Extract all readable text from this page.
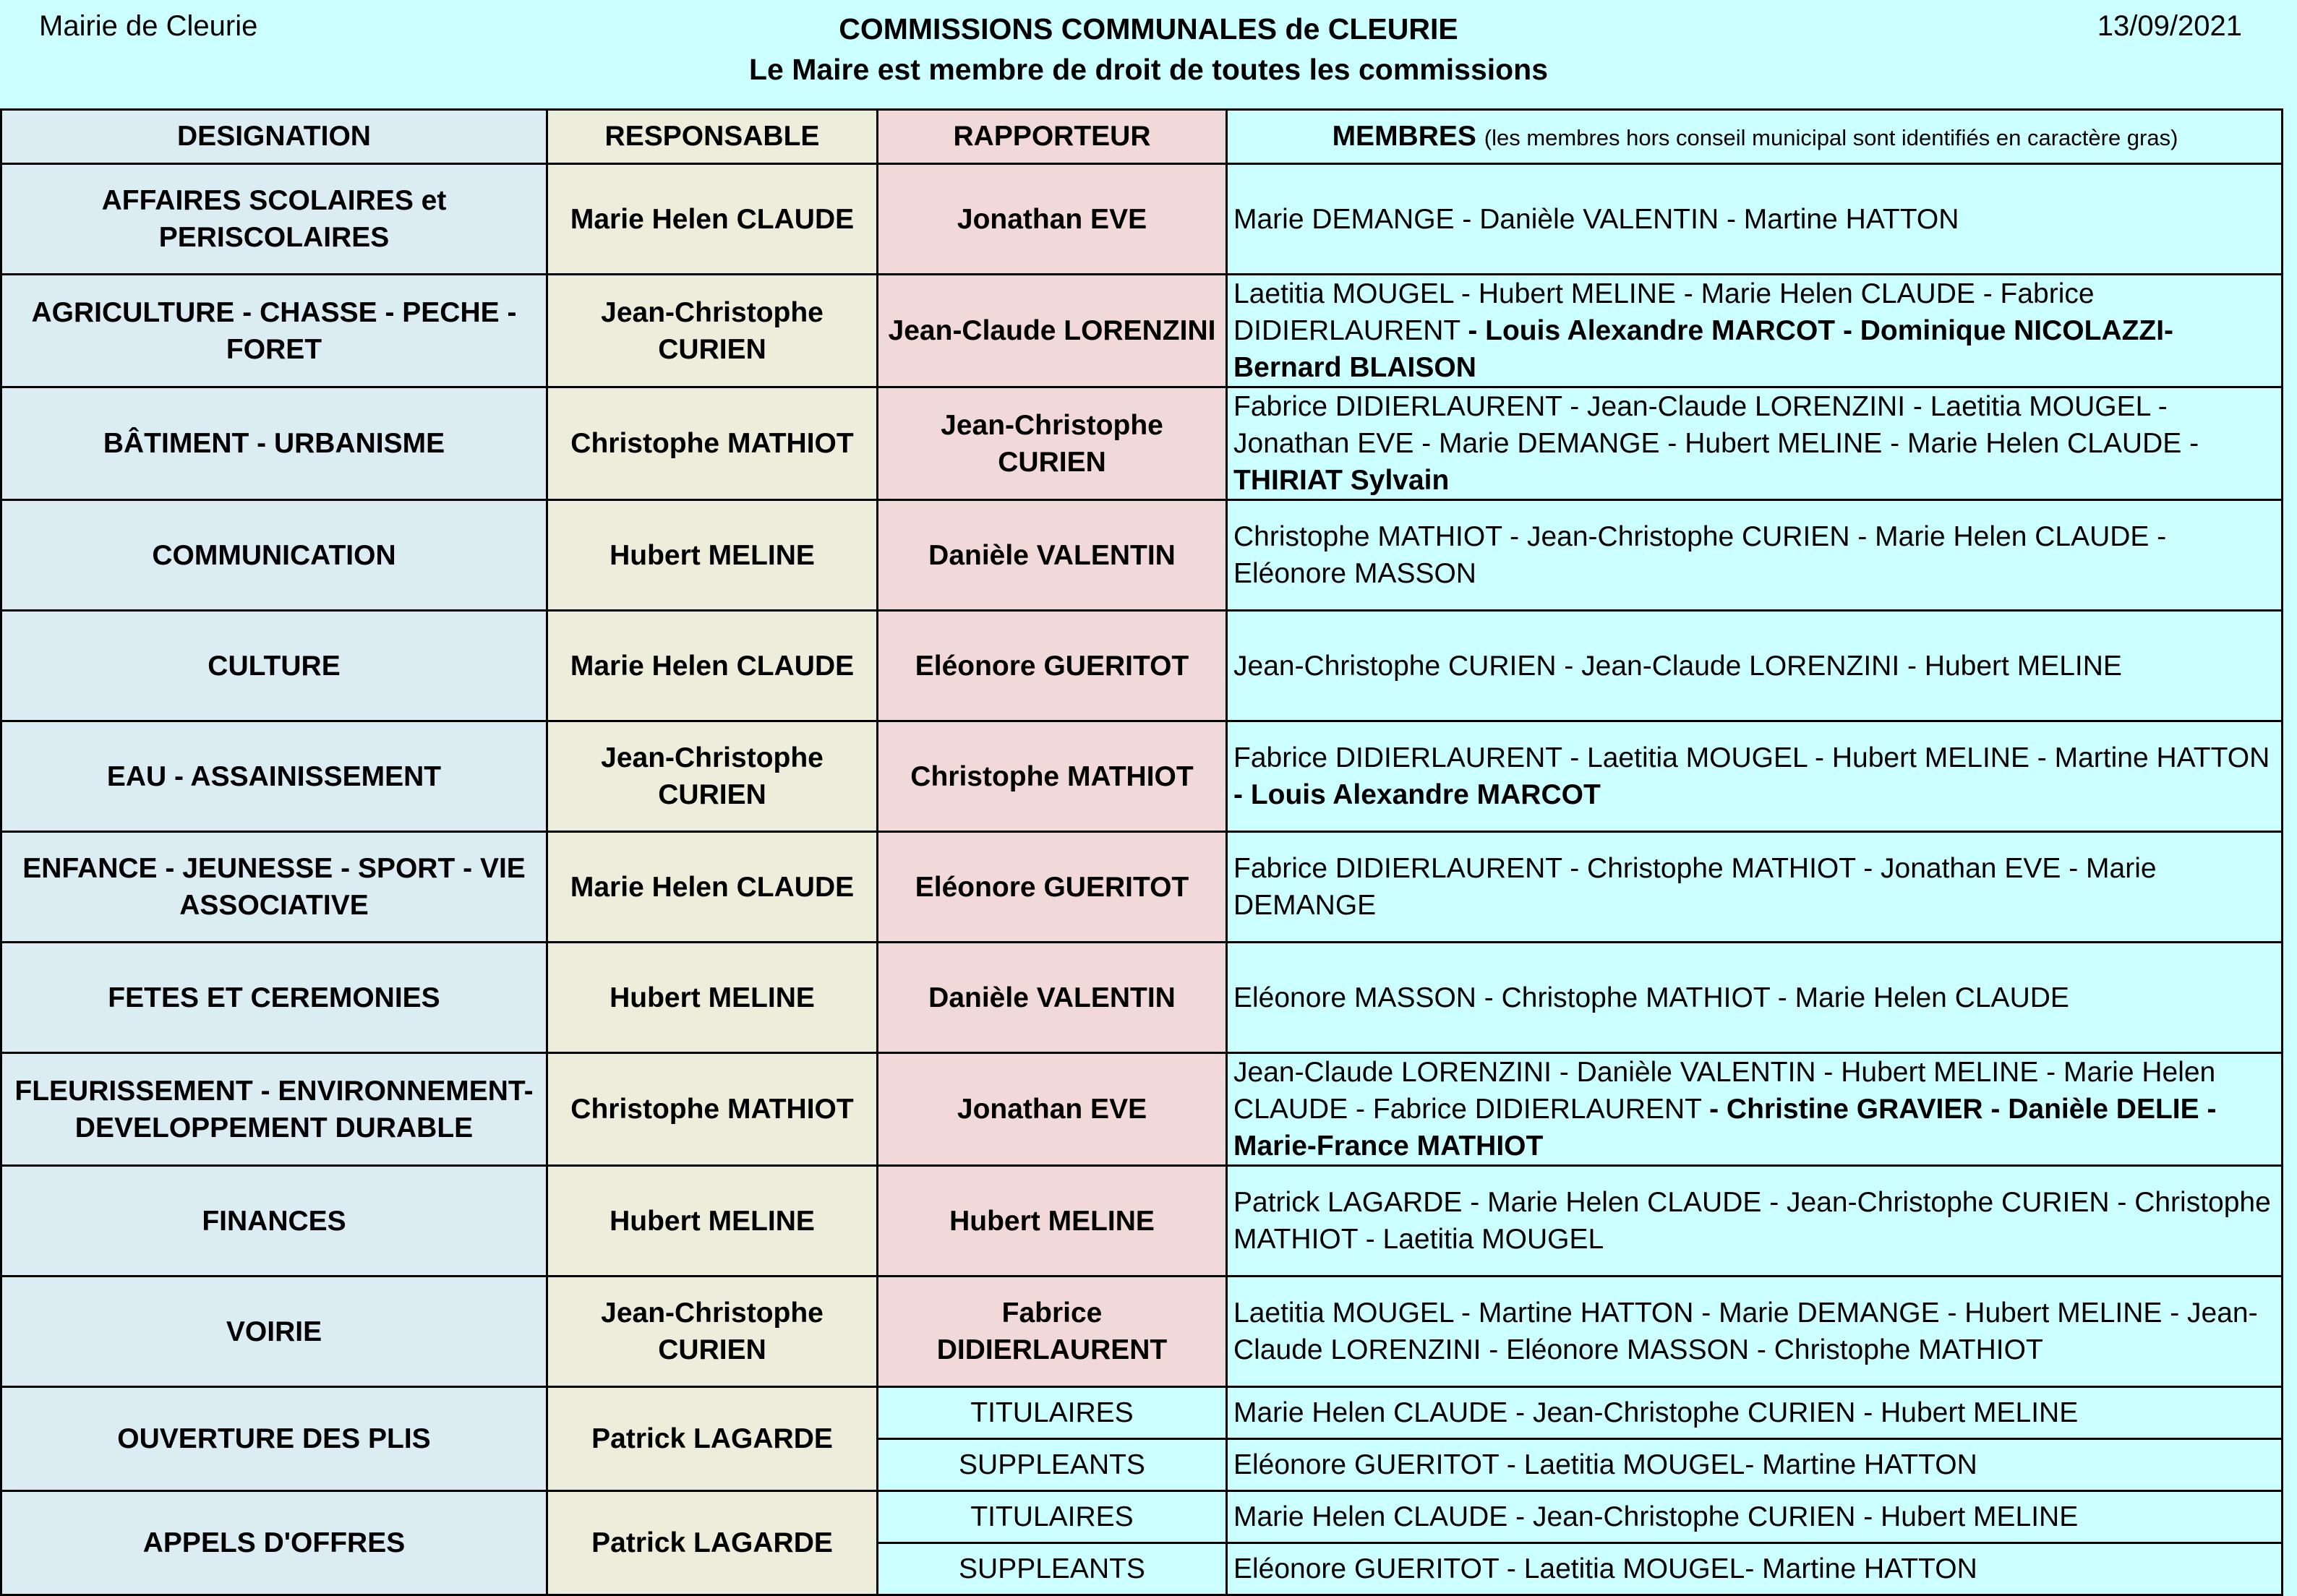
Mairie de Cleurie	COMMISSIONS COMMUNALES de CLEURIE
Le Maire est membre de droit de toutes les commissions
13/09/2021
DESIGNATION	RESPONSABLE	RAPPORTEUR	MEMBRES (les membres hors conseil municipal sont identifiés en caractère gras)
AFFAIRES SCOLAIRES et PERISCOLAIRES	Marie Helen CLAUDE	Jonathan EVE	Marie DEMANGE - Danièle VALENTIN - Martine HATTON
AGRICULTURE - CHASSE - PECHE - FORET	Jean-Christophe CURIEN	Jean-Claude LORENZINI	Laetitia MOUGEL - Hubert MELINE - Marie Helen CLAUDE - Fabrice DIDIERLAURENT - Louis Alexandre MARCOT - Dominique NICOLAZZI- Bernard BLAISON
BÂTIMENT - URBANISME	Christophe MATHIOT	Jean-Christophe CURIEN	Fabrice DIDIERLAURENT - Jean-Claude LORENZINI - Laetitia MOUGEL - Jonathan EVE - Marie DEMANGE - Hubert MELINE - Marie Helen CLAUDE - THIRIAT Sylvain
COMMUNICATION	Hubert MELINE	Danièle VALENTIN	Christophe MATHIOT - Jean-Christophe CURIEN - Marie Helen CLAUDE - Eléonore MASSON
CULTURE	Marie Helen CLAUDE	Eléonore GUERITOT	Jean-Christophe CURIEN - Jean-Claude LORENZINI - Hubert MELINE
EAU - ASSAINISSEMENT	Jean-Christophe CURIEN	Christophe MATHIOT	Fabrice DIDIERLAURENT - Laetitia MOUGEL - Hubert MELINE - Martine HATTON - Louis Alexandre MARCOT
ENFANCE - JEUNESSE - SPORT - VIE ASSOCIATIVE	Marie Helen CLAUDE	Eléonore GUERITOT	Fabrice DIDIERLAURENT - Christophe MATHIOT - Jonathan EVE - Marie DEMANGE
FETES ET CEREMONIES	Hubert MELINE	Danièle VALENTIN	Eléonore MASSON - Christophe MATHIOT - Marie Helen CLAUDE
FLEURISSEMENT - ENVIRONNEMENT- DEVELOPPEMENT DURABLE	Christophe MATHIOT	Jonathan EVE	Jean-Claude LORENZINI - Danièle VALENTIN - Hubert MELINE - Marie Helen CLAUDE - Fabrice DIDIERLAURENT - Christine GRAVIER - Danièle DELIE - Marie-France MATHIOT
FINANCES	Hubert MELINE	Hubert MELINE	Patrick LAGARDE - Marie Helen CLAUDE - Jean-Christophe CURIEN - Christophe MATHIOT - Laetitia MOUGEL
VOIRIE	Jean-Christophe CURIEN	Fabrice DIDIERLAURENT	Laetitia MOUGEL - Martine HATTON - Marie DEMANGE - Hubert MELINE - Jean-Claude LORENZINI - Eléonore MASSON - Christophe MATHIOT
OUVERTURE DES PLIS	Patrick LAGARDE	TITULAIRES	Marie Helen CLAUDE - Jean-Christophe CURIEN - Hubert MELINE
		SUPPLEANTS	Eléonore GUERITOT - Laetitia MOUGEL- Martine HATTON
APPELS D'OFFRES	Patrick LAGARDE	TITULAIRES	Marie Helen CLAUDE - Jean-Christophe CURIEN - Hubert MELINE
		SUPPLEANTS	Eléonore GUERITOT - Laetitia MOUGEL- Martine HATTON
